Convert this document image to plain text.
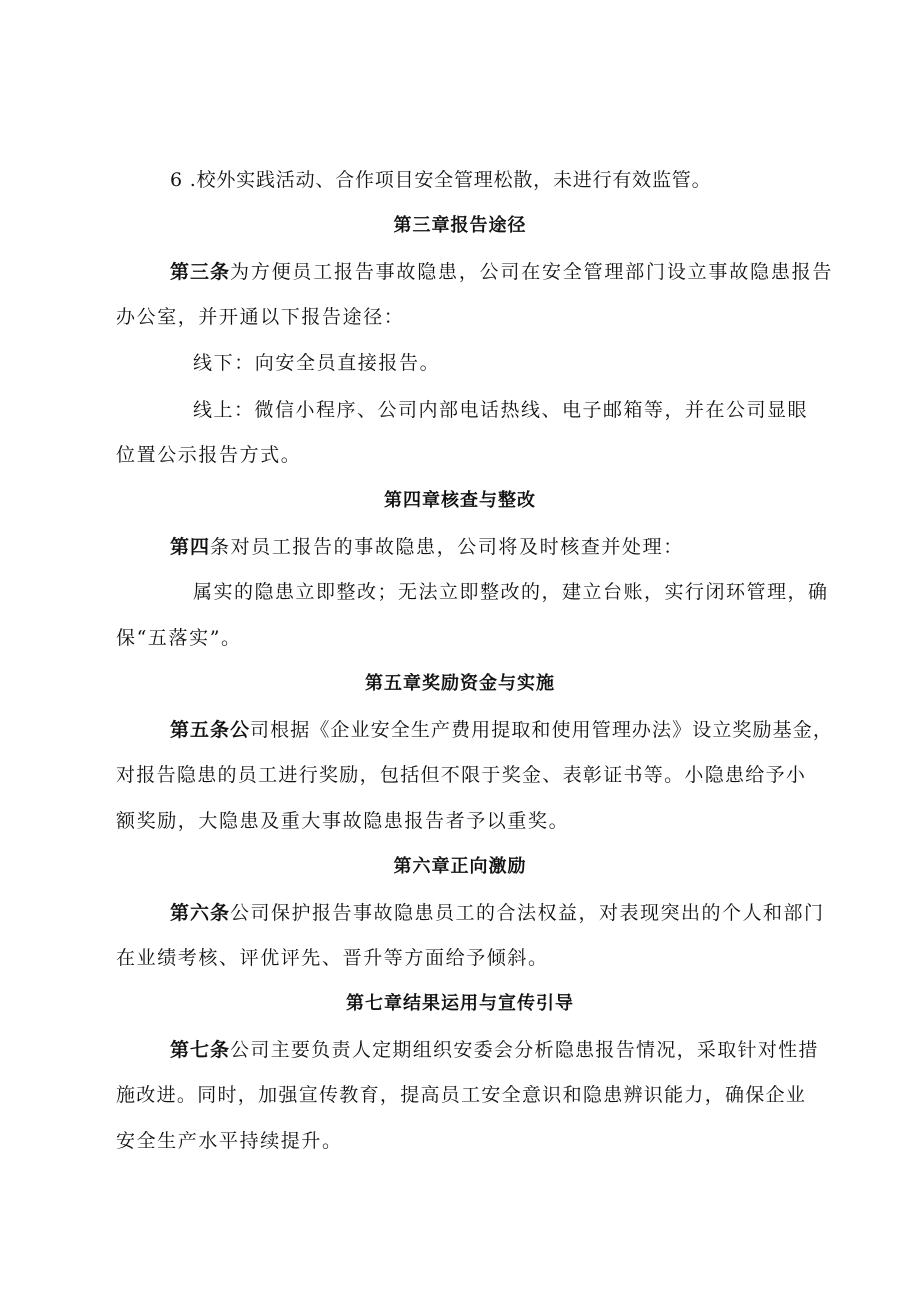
6 .校外实践活动、合作项目安全管理松散，未进行有效监管。
第三章报告途径
第三条为方便员工报告事故隐患，公司在安全管理部门设立事故隐患报告
办公室，并开通以下报告途径：
线下：向安全员直接报告。
线上：微信小程序、公司内部电话热线、电子邮箱等，并在公司显眼
位置公示报告方式。
第四章核查与整改
第四条对员工报告的事故隐患，公司将及时核查并处理：
属实的隐患立即整改；无法立即整改的，建立台账，实行闭环管理，确
保“五落实”。
第五章奖励资金与实施
第五条公司根据《企业安全生产费用提取和使用管理办法》设立奖励基金，
对报告隐患的员工进行奖励，包括但不限于奖金、表彰证书等。小隐患给予小
额奖励，大隐患及重大事故隐患报告者予以重奖。
第六章正向激励
第六条公司保护报告事故隐患员工的合法权益，对表现突出的个人和部门
在业绩考核、评优评先、晋升等方面给予倾斜。
第七章结果运用与宣传引导
第七条公司主要负责人定期组织安委会分析隐患报告情况，采取针对性措
施改进。同时，加强宣传教育，提高员工安全意识和隐患辨识能力，确保企业
安全生产水平持续提升。
